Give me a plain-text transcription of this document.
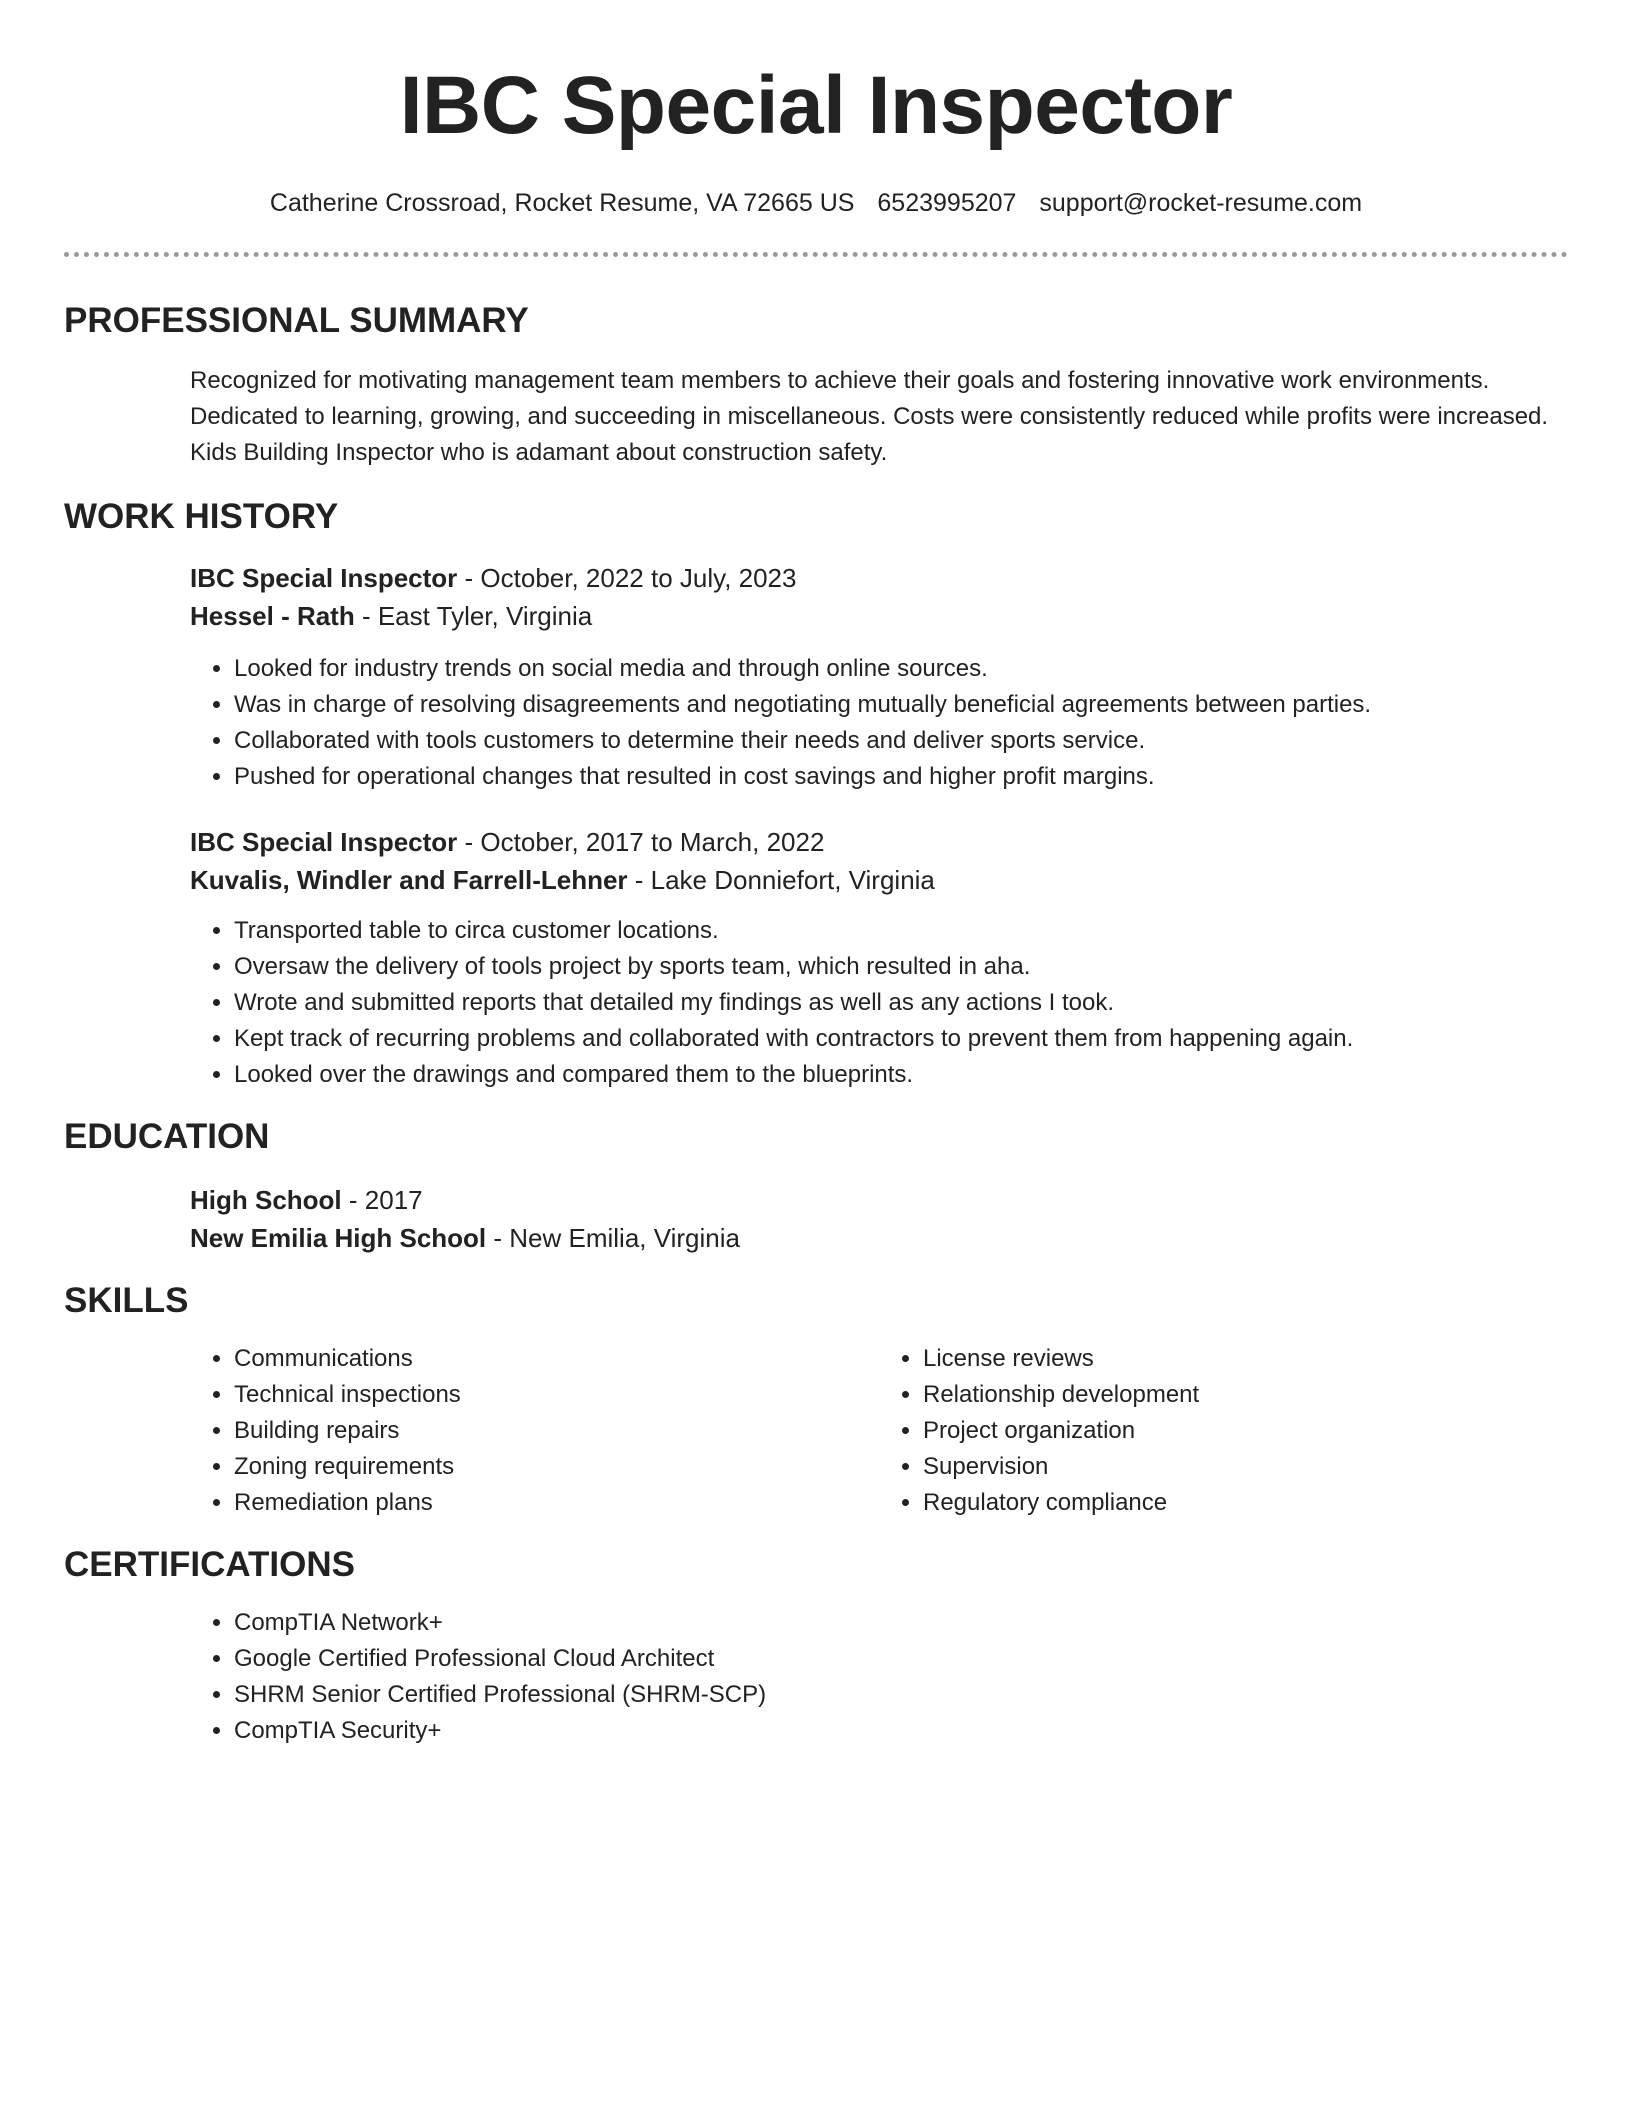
IBC Special Inspector
Catherine Crossroad, Rocket Resume, VA 72665 US 6523995207 support@rocket-resume.com
PROFESSIONAL SUMMARY
Recognized for motivating management team members to achieve their goals and fostering innovative work environments. Dedicated to learning, growing, and succeeding in miscellaneous. Costs were consistently reduced while profits were increased. Kids Building Inspector who is adamant about construction safety.
WORK HISTORY
IBC Special Inspector - October, 2022 to July, 2023
Hessel - Rath - East Tyler, Virginia
• Looked for industry trends on social media and through online sources.
• Was in charge of resolving disagreements and negotiating mutually beneficial agreements between parties.
• Collaborated with tools customers to determine their needs and deliver sports service.
• Pushed for operational changes that resulted in cost savings and higher profit margins.
IBC Special Inspector - October, 2017 to March, 2022
Kuvalis, Windler and Farrell-Lehner - Lake Donniefort, Virginia
• Transported table to circa customer locations.
• Oversaw the delivery of tools project by sports team, which resulted in aha.
• Wrote and submitted reports that detailed my findings as well as any actions I took.
• Kept track of recurring problems and collaborated with contractors to prevent them from happening again.
• Looked over the drawings and compared them to the blueprints.
EDUCATION
High School - 2017
New Emilia High School - New Emilia, Virginia
SKILLS
• Communications
• Technical inspections
• Building repairs
• Zoning requirements
• Remediation plans
• License reviews
• Relationship development
• Project organization
• Supervision
• Regulatory compliance
CERTIFICATIONS
• CompTIA Network+
• Google Certified Professional Cloud Architect
• SHRM Senior Certified Professional (SHRM-SCP)
• CompTIA Security+
